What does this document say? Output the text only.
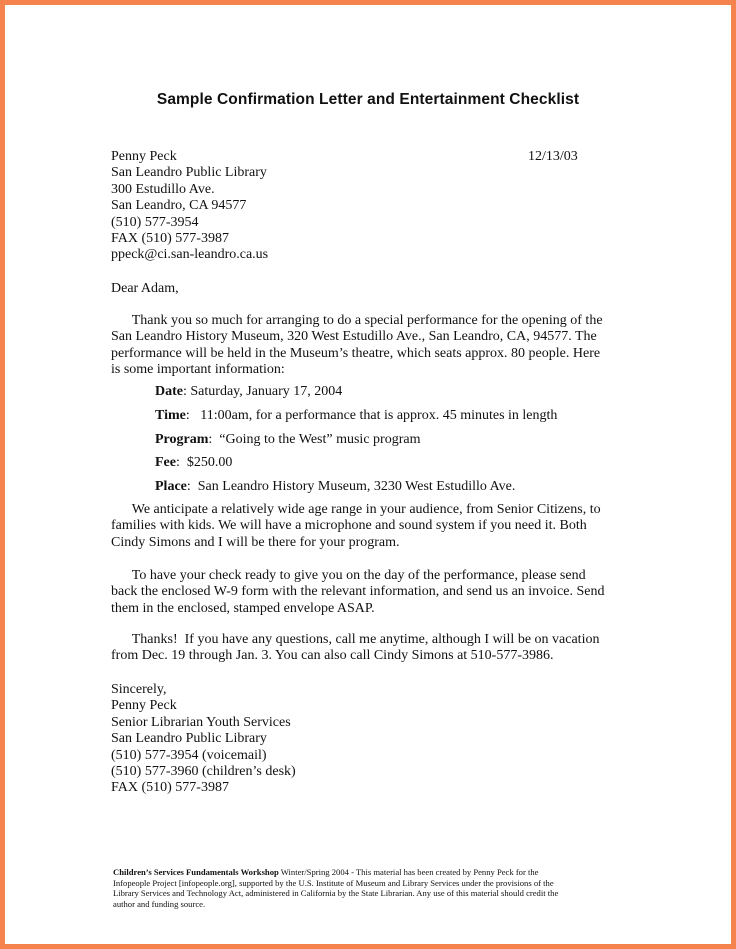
Sample Confirmation Letter and Entertainment Checklist
Penny Peck
San Leandro Public Library
300 Estudillo Ave.
San Leandro, CA 94577
(510) 577-3954
FAX (510) 577-3987
ppeck@ci.san-leandro.ca.us
12/13/03
Dear Adam,
Thank you so much for arranging to do a special performance for the opening of the
San Leandro History Museum, 320 West Estudillo Ave., San Leandro, CA, 94577. The
performance will be held in the Museum’s theatre, which seats approx. 80 people. Here
is some important information:
Date: Saturday, January 17, 2004
Time:   11:00am, for a performance that is approx. 45 minutes in length
Program:  “Going to the West” music program
Fee:  $250.00
Place:  San Leandro History Museum, 3230 West Estudillo Ave.
We anticipate a relatively wide age range in your audience, from Senior Citizens, to
families with kids. We will have a microphone and sound system if you need it. Both
Cindy Simons and I will be there for your program.
To have your check ready to give you on the day of the performance, please send
back the enclosed W-9 form with the relevant information, and send us an invoice. Send
them in the enclosed, stamped envelope ASAP.
Thanks!  If you have any questions, call me anytime, although I will be on vacation
from Dec. 19 through Jan. 3. You can also call Cindy Simons at 510-577-3986.
Sincerely,
Penny Peck
Senior Librarian Youth Services
San Leandro Public Library
(510) 577-3954 (voicemail)
(510) 577-3960 (children’s desk)
FAX (510) 577-3987
Children’s Services Fundamentals Workshop Winter/Spring 2004 - This material has been created by Penny Peck for the
Infopeople Project [infopeople.org], supported by the U.S. Institute of Museum and Library Services under the provisions of the
Library Services and Technology Act, administered in California by the State Librarian. Any use of this material should credit the
author and funding source.
